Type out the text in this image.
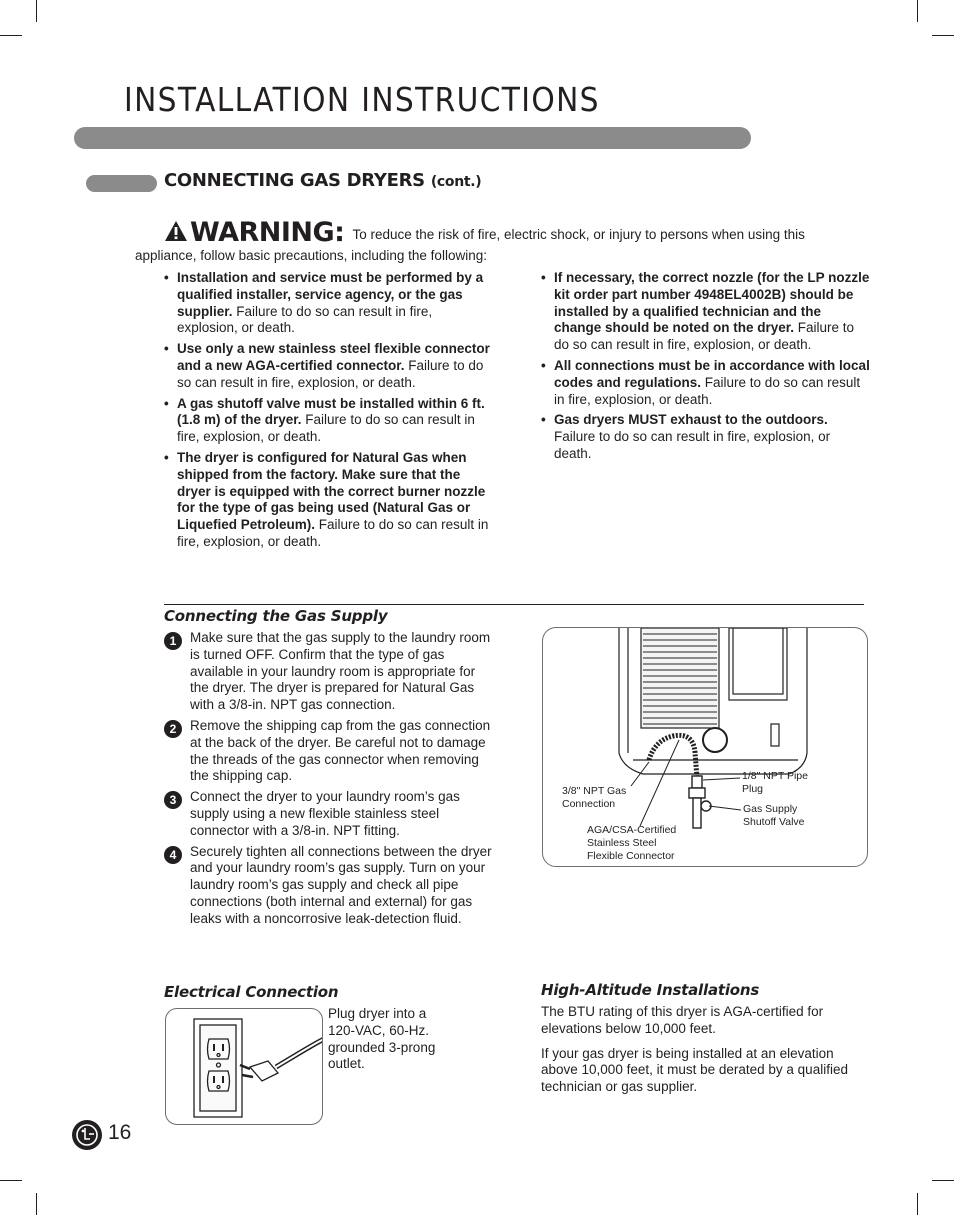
INSTALLATION INSTRUCTIONS
CONNECTING GAS DRYERS (cont.)
WARNING: To reduce the risk of fire, electric shock, or injury to persons when using this
appliance, follow basic precautions, including the following:
• Installation and service must be performed by a qualified installer, service agency, or the gas supplier. Failure to do so can result in fire, explosion, or death.
• Use only a new stainless steel flexible connector and a new AGA-certified connector. Failure to do so can result in fire, explosion, or death.
• A gas shutoff valve must be installed within 6 ft. (1.8 m) of the dryer. Failure to do so can result in fire, explosion, or death.
• The dryer is configured for Natural Gas when shipped from the factory. Make sure that the dryer is equipped with the correct burner nozzle for the type of gas being used (Natural Gas or Liquefied Petroleum). Failure to do so can result in fire, explosion, or death.
• If necessary, the correct nozzle (for the LP nozzle kit order part number 4948EL4002B) should be installed by a qualified technician and the change should be noted on the dryer. Failure to do so can result in fire, explosion, or death.
• All connections must be in accordance with local codes and regulations. Failure to do so can result in fire, explosion, or death.
• Gas dryers MUST exhaust to the outdoors. Failure to do so can result in fire, explosion, or death.
Connecting the Gas Supply
1	Make sure that the gas supply to the laundry room is turned OFF. Confirm that the type of gas available in your laundry room is appropriate for the dryer. The dryer is prepared for Natural Gas with a 3/8-in. NPT gas connection.
2	Remove the shipping cap from the gas connection at the back of the dryer. Be careful not to damage the threads of the gas connector when removing the shipping cap.
3	Connect the dryer to your laundry room’s gas supply using a new flexible stainless steel connector with a 3/8-in. NPT fitting.
4	Securely tighten all connections between the dryer and your laundry room’s gas supply. Turn on your laundry room’s gas supply and check all pipe connections (both internal and external) for gas leaks with a noncorrosive leak-detection fluid.
3/8" NPT Gas
Connection
1/8" NPT Pipe
Plug
Gas Supply
Shutoff Valve
AGA/CSA-Certified
Stainless Steel
Flexible Connector
Electrical Connection
Plug dryer into a
120-VAC, 60-Hz.
grounded 3-prong
outlet.
High-Altitude Installations

The BTU rating of this dryer is AGA-certified for elevations below 10,000 feet.

If your gas dryer is being installed at an elevation above 10,000 feet, it must be derated by a qualified technician or gas supplier.

16
